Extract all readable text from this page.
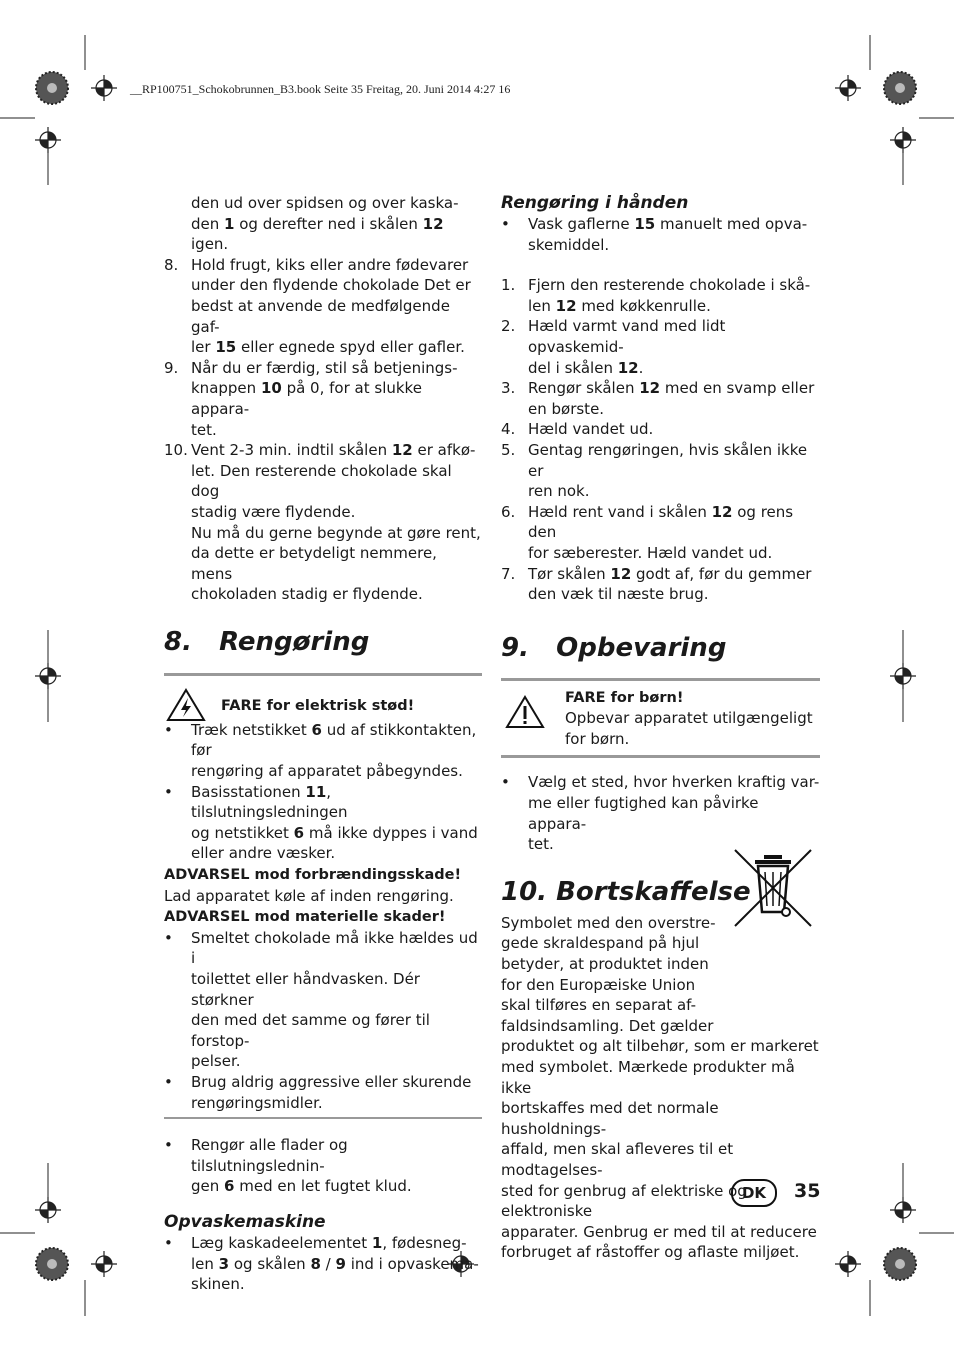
__RP100751_Schokobrunnen_B3.book Seite 35 Freitag, 20. Juni 2014 4:27 16
den ud over spidsen og over kaska-
den 1 og derefter ned i skålen 12 igen.
8. Hold frugt, kiks eller andre fødevarer
under den flydende chokolade Det er
bedst at anvende de medfølgende gaf-
ler 15 eller egnede spyd eller gafler.
9. Når du er færdig, stil så betjenings-
knappen 10 på 0, for at slukke appara-
tet.
10. Vent 2-3 min. indtil skålen 12 er afkø-
let. Den resterende chokolade skal dog
stadig være flydende.
Nu må du gerne begynde at gøre rent,
da dette er betydeligt nemmere, mens
chokoladen stadig er flydende.
8.   Rengøring
FARE for elektrisk stød!
• Træk netstikket 6 ud af stikkontakten, før
rengøring af apparatet påbegyndes.
• Basisstationen 11, tilslutningsledningen
og netstikket 6 må ikke dyppes i vand
eller andre væsker.
ADVARSEL mod forbrændingsskade!
Lad apparatet køle af inden rengøring.
ADVARSEL mod materielle skader!
• Smeltet chokolade må ikke hældes ud i
toilettet eller håndvasken. Dér størkner
den med det samme og fører til forstop-
pelser.
• Brug aldrig aggressive eller skurende
rengøringsmidler.
• Rengør alle flader og tilslutningslednin-
gen 6 med en let fugtet klud.
Opvaskemaskine
• Læg kaskadeelementet 1, fødesneg-
len 3 og skålen 8 / 9 ind i opvaskema-
skinen.
Rengøring i hånden
• Vask gaflerne 15 manuelt med opva-
skemiddel.
1. Fjern den resterende chokolade i skå-
len 12 med køkkenrulle.
2. Hæld varmt vand med lidt opvaskemid-
del i skålen 12.
3. Rengør skålen 12 med en svamp eller
en børste.
4. Hæld vandet ud.
5. Gentag rengøringen, hvis skålen ikke er
ren nok.
6. Hæld rent vand i skålen 12 og rens den
for sæberester. Hæld vandet ud.
7. Tør skålen 12 godt af, før du gemmer
den væk til næste brug.
9.   Opbevaring
FARE for børn!
Opbevar apparatet utilgængeligt
for børn.
• Vælg et sted, hvor hverken kraftig var-
me eller fugtighed kan påvirke appara-
tet.
10. Bortskaffelse
Symbolet med den overstre-
gede skraldespand på hjul
betyder, at produktet inden
for den Europæiske Union
skal tilføres en separat af-
faldsindsamling. Det gælder
produktet og alt tilbehør, som er markeret
med symbolet. Mærkede produkter må ikke
bortskaffes med det normale husholdnings-
affald, men skal afleveres til et modtagelses-
sted for genbrug af elektriske og elektroniske
apparater. Genbrug er med til at reducere
forbruget af råstoffer og aflaste miljøet.
DK	35
